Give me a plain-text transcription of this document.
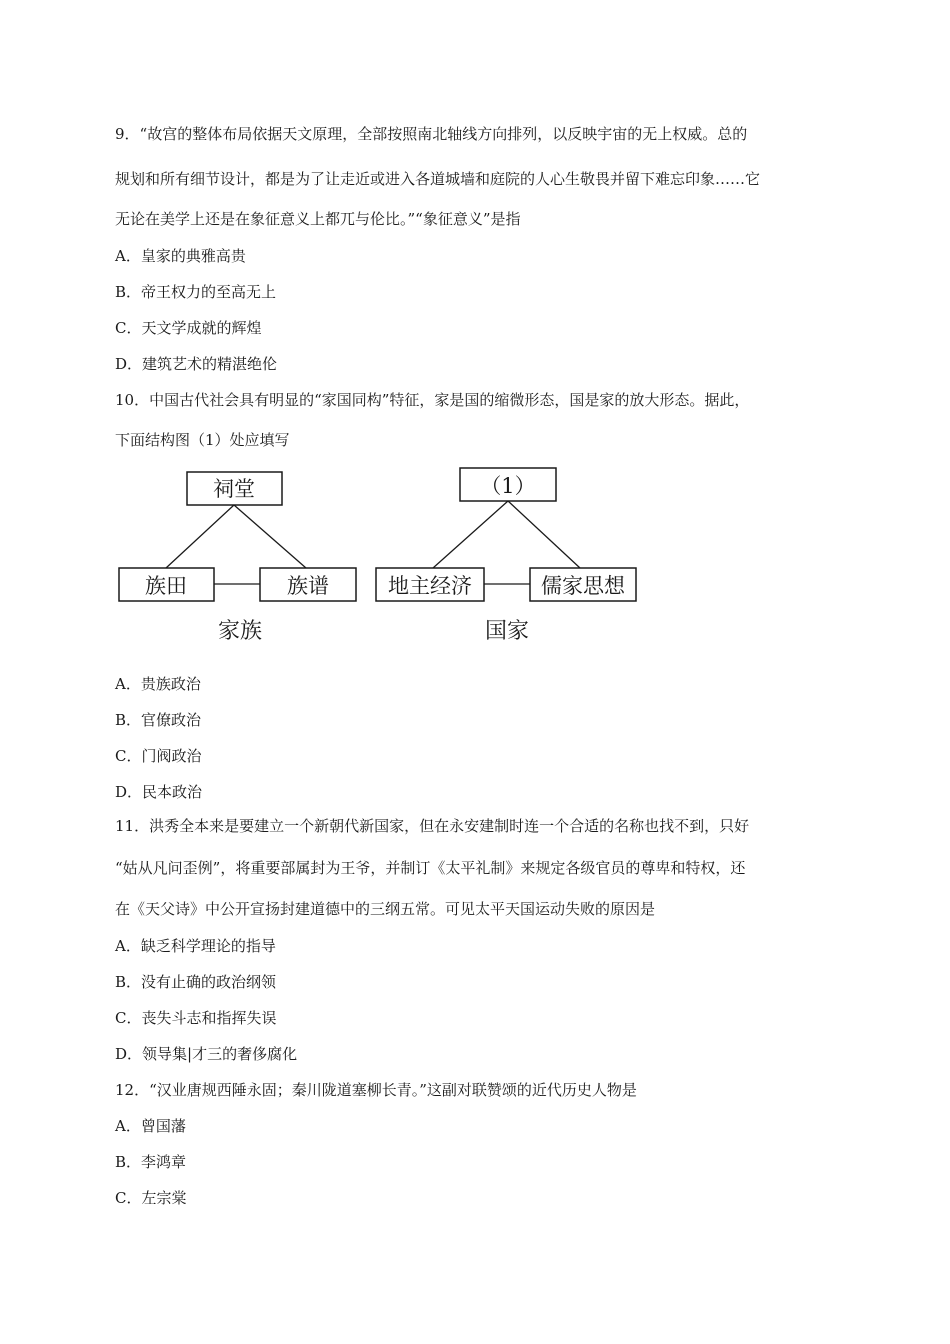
9．“故宫的整体布局依据天文原理，全部按照南北轴线方向排列，以反映宇宙的无上权威。总的
规划和所有细节设计，都是为了让走近或进入各道城墙和庭院的人心生敬畏并留下难忘印象……它
无论在美学上还是在象征意义上都兀与伦比。”“象征意义”是指
A．皇家的典雅高贵
B．帝王权力的至高无上
C．天文学成就的辉煌
D．建筑艺术的精湛绝伦
10．中国古代社会具有明显的“家国同构”特征，家是国的缩微形态，国是家的放大形态。据此，
下面结构图（1）处应填写
祠堂
族田	族谱
家族
（1）
地主经济	儒家思想
国家
A．贵族政治
B．官僚政治
C．门阀政治
D．民本政治
11．洪秀全本来是要建立一个新朝代新国家，但在永安建制时连一个合适的名称也找不到，只好
“姑从凡问歪例”，将重要部属封为王爷，并制订《太平礼制》来规定各级官员的尊卑和特权，还
在《天父诗》中公开宣扬封建道德中的三纲五常。可见太平天国运动失败的原因是
A．缺乏科学理论的指导
B．没有止确的政治纲领
C．丧失斗志和指挥失误
D．领导集|才三的奢侈腐化
12．“汉业唐规西陲永固；秦川陇道塞柳长青。”这副对联赞颂的近代历史人物是
A．曾国藩
B．李鸿章
C．左宗棠
